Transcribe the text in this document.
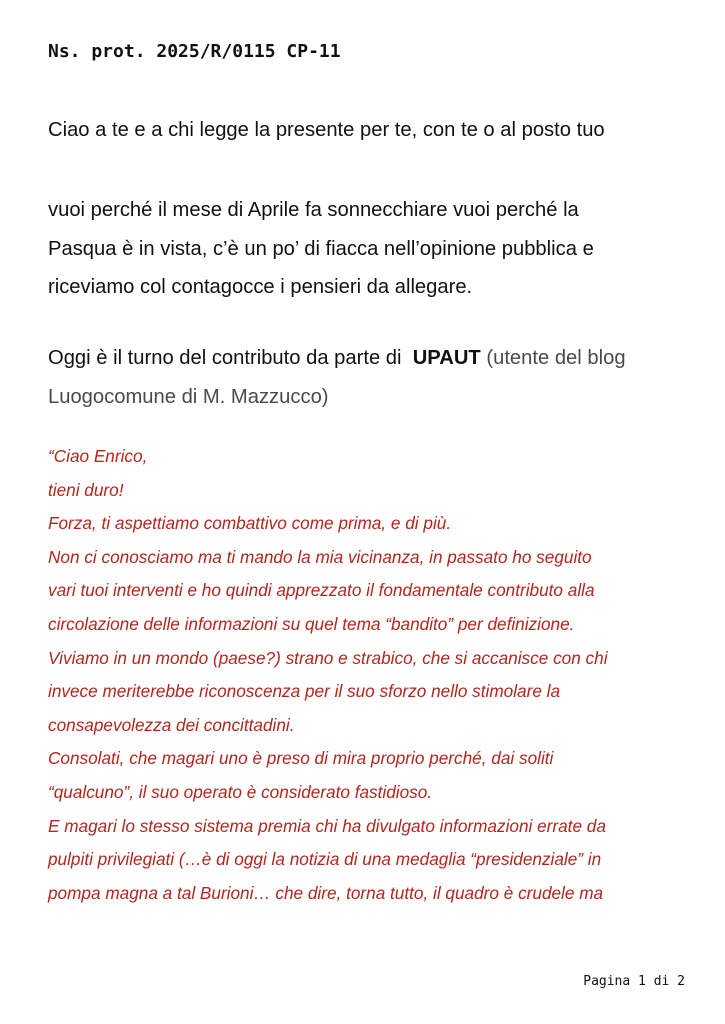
Ns. prot. 2025/R/0115 CP-11

Ciao a te e a chi legge la presente per te, con te o al posto tuo

vuoi perché il mese di Aprile fa sonnecchiare vuoi perché la
Pasqua è in vista, c’è un po’ di fiacca nell’opinione pubblica e
riceviamo col contagocce i pensieri da allegare.

Oggi è il turno del contributo da parte di UPAUT (utente del blog
Luogocomune di M. Mazzucco)

“Ciao Enrico,
tieni duro!
Forza, ti aspettiamo combattivo come prima, e di più.
Non ci conosciamo ma ti mando la mia vicinanza, in passato ho seguito
vari tuoi interventi e ho quindi apprezzato il fondamentale contributo alla
circolazione delle informazioni su quel tema “bandito” per definizione.
Viviamo in un mondo (paese?) strano e strabico, che si accanisce con chi
invece meriterebbe riconoscenza per il suo sforzo nello stimolare la
consapevolezza dei concittadini.
Consolati, che magari uno è preso di mira proprio perché, dai soliti
“qualcuno”, il suo operato è considerato fastidioso.
E magari lo stesso sistema premia chi ha divulgato informazioni errate da
pulpiti privilegiati (…è di oggi la notizia di una medaglia “presidenziale” in
pompa magna a tal Burioni… che dire, torna tutto, il quadro è crudele ma

Pagina 1 di 2
